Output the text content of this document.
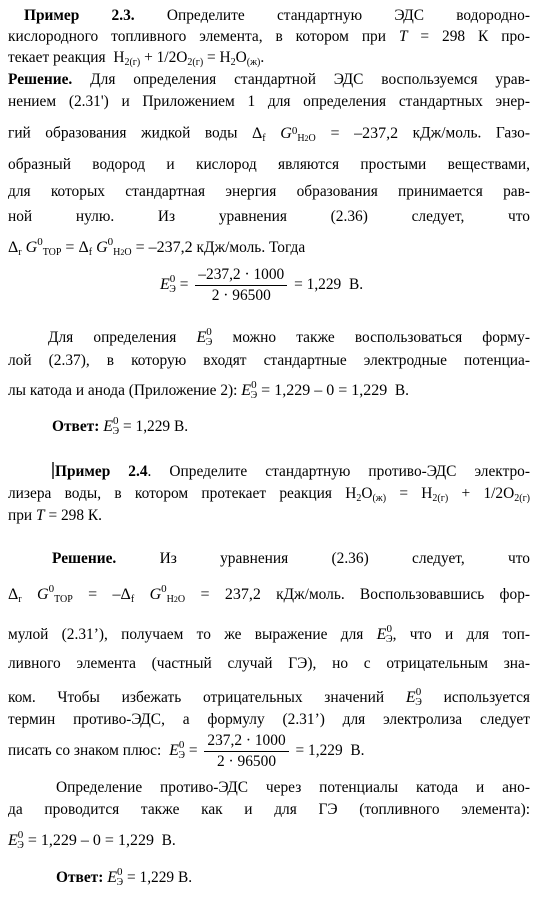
Пример 2.3. Определите стандартную ЭДС водородно-
кислородного топливного элемента, в котором при T = 298 К про-
текает реакция $H_{2(г)} + 1/2O_{2(г)} = H_2O_{(ж)}$.
Решение. Для определения стандартной ЭДС воспользуемся урав-
нением (2.31') и Приложением 1 для определения стандартных энер-
гий образования жидкой воды $\Delta_f$ $G^0_{H2O} = -237,2$ кДж/моль. Газо-
образный водород и кислород являются простыми веществами,
для которых стандартная энергия образования принимается рав-
ной нулю. Из уравнения (2.36) следует, что
$\Delta_r$ $G^0_{TOP} = \Delta_f$ $G^0_{H2O} = -237,2$ кДж/моль. Тогда
$E^0_Э = \frac{-237,2 \cdot 1000}{2 \cdot 96500} = 1,229$ В.
Для определения $E^0_Э$ можно также воспользоваться форму-
лой (2.37), в которую входят стандартные электродные потенциа-
лы катода и анода (Приложение 2): $E^0_Э = 1,229 - 0 = 1,229$ В.
Ответ: $E^0_Э = 1,229$ В.
Пример 2.4. Определите стандартную противо-ЭДС электро-
лизера воды, в котором протекает реакция $H_2O_{(ж)} = H_{2(г)} + 1/2O_{2(г)}$
при T = 298 К.
Решение.	Из уравнения (2.36) следует, что
$\Delta_r$ $G^0_{TOP} = -\Delta_f$ $G^0_{H2O} = 237,2$ кДж/моль. Воспользовавшись фор-
мулой (2.31’), получаем то же выражение для $E^0_Э$, что и для топ-
ливного элемента (частный случай ГЭ), но с отрицательным зна-
ком. Чтобы избежать отрицательных значений $E^0_Э$ используется
термин противо-ЭДС, а формулу (2.31’) для электролиза следует
писать со знаком плюс: $E^0_Э = \frac{237,2 \cdot 1000}{2 \cdot 96500} = 1,229$ В.
Определение противо-ЭДС через потенциалы катода и ано-
да проводится также как и для ГЭ (топливного элемента):
$E^0_Э = 1,229 - 0 = 1,229$ В.
Ответ: $E^0_Э = 1,229$ В.
